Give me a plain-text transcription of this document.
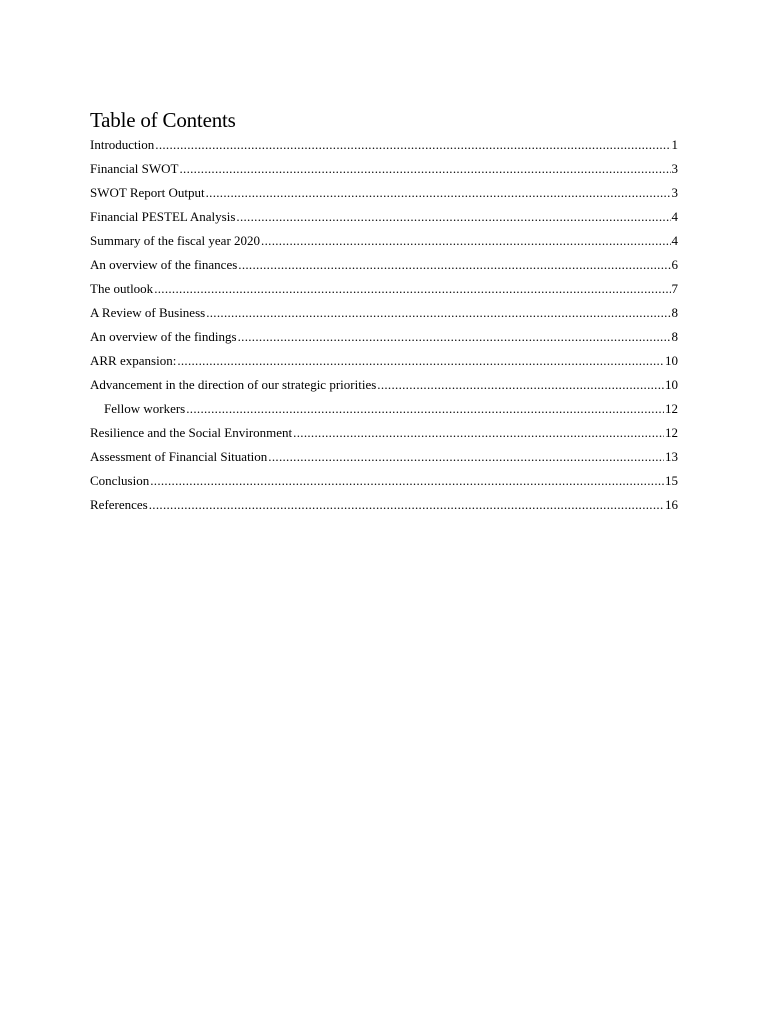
Table of Contents
Introduction .....	1
Financial SWOT .....	3
SWOT Report Output .....	3
Financial PESTEL Analysis .....	4
Summary of the fiscal year 2020 .....	4
An overview of the finances .....	6
The outlook .....	7
A Review of Business .....	8
An overview of the findings .....	8
ARR expansion: .....	10
Advancement in the direction of our strategic priorities .....	10
Fellow workers .....	12
Resilience and the Social Environment .....	12
Assessment of Financial Situation .....	13
Conclusion .....	15
References .....	16
